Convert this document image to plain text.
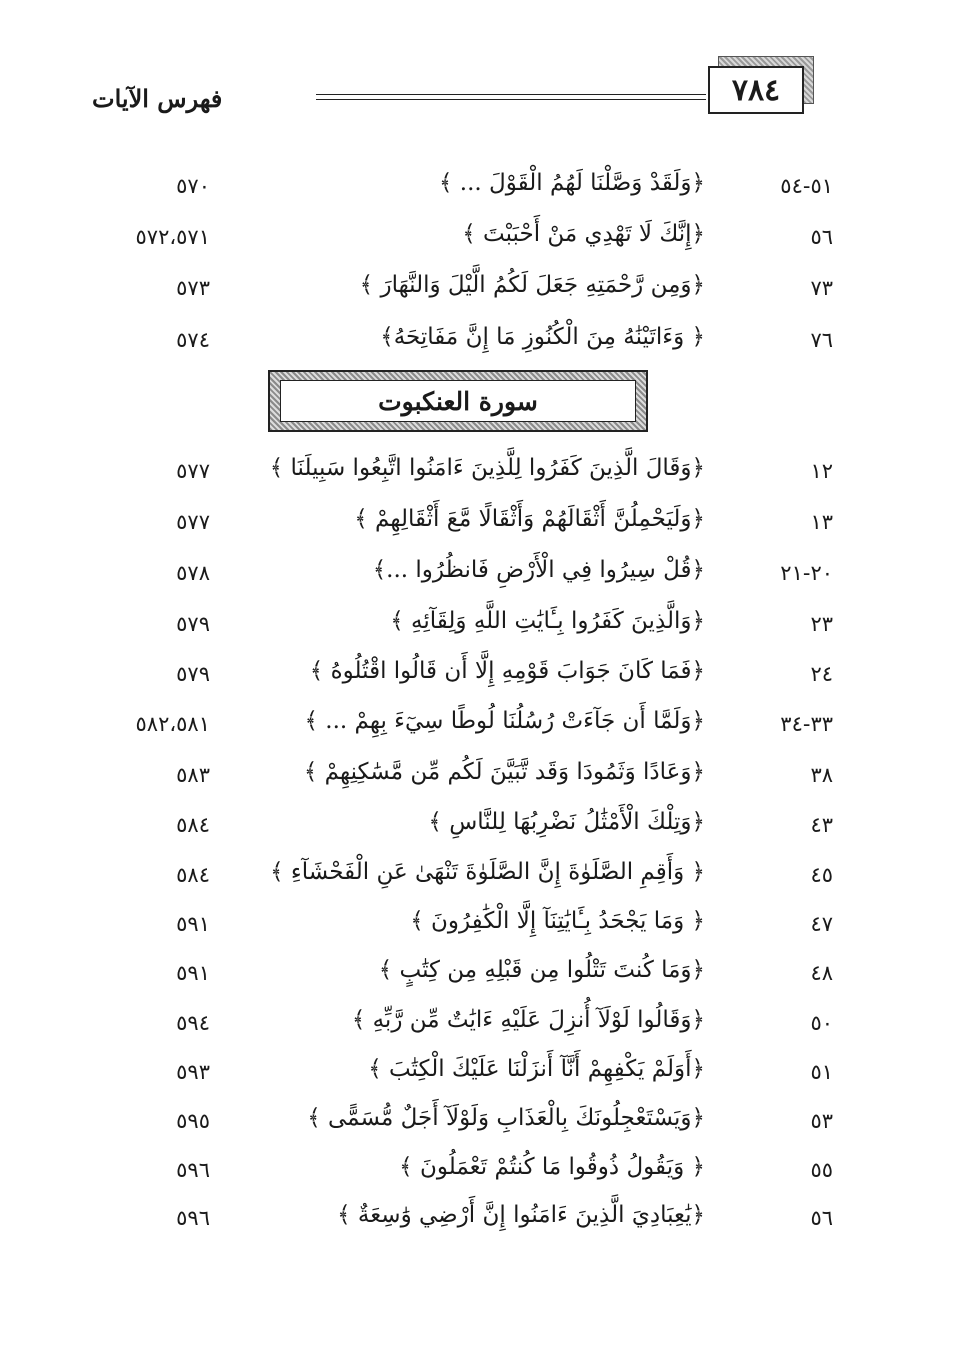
فهرس الآيات	٧٨٤
٥١-٥٤
﴿وَلَقَدْ وَصَّلْنَا لَهُمُ الْقَوْلَ ... ﴾
٥٧٠
٥٦
﴿إِنَّكَ لَا تَهْدِي مَنْ أَحْبَبْتَ ﴾
٥٧٢،٥٧١
٧٣
﴿وَمِن رَّحْمَتِهِ جَعَلَ لَكُمُ الَّيْلَ وَالنَّهَارَ ﴾
٥٧٣
٧٦
﴿ وَءَاتَيْنَٰهُ مِنَ الْكُنُوزِ مَا إِنَّ مَفَاتِحَهُ﴾
٥٧٤
سورة العنكبوت
١٢
﴿وَقَالَ الَّذِينَ كَفَرُوا لِلَّذِينَ ءَامَنُوا اتَّبِعُوا سَبِيلَنَا ﴾
٥٧٧
١٣
﴿وَلَيَحْمِلُنَّ أَثْقَالَهُمْ وَأَثْقَالًا مَّعَ أَثْقَالِهِمْ ﴾
٥٧٧
٢٠-٢١
﴿قُلْ سِيرُوا فِي الْأَرْضِ فَانظُرُوا ...﴾
٥٧٨
٢٣
﴿وَالَّذِينَ كَفَرُوا بِـَٔايَٰتِ اللَّهِ وَلِقَآئِهِ ﴾
٥٧٩
٢٤
﴿فَمَا كَانَ جَوَابَ قَوْمِهِ إِلَّا أَن قَالُوا اقْتُلُوهُ ﴾
٥٧٩
٣٣-٣٤
﴿وَلَمَّا أَن جَآءَتْ رُسُلُنَا لُوطًا سِيٓءَ بِهِمْ ... ﴾
٥٨٢،٥٨١
٣٨
﴿وَعَادًا وَثَمُودَا وَقَد تَّبَيَّنَ لَكُم مِّن مَّسَٰكِنِهِمْ ﴾
٥٨٣
٤٣
﴿وَتِلْكَ الْأَمْثَٰلُ نَضْرِبُهَا لِلنَّاسِ ﴾
٥٨٤
٤٥
﴿ وَأَقِمِ الصَّلَوٰةَ إِنَّ الصَّلَوٰةَ تَنْهَىٰ عَنِ الْفَحْشَآءِ ﴾
٥٨٤
٤٧
﴿ وَمَا يَجْحَدُ بِـَٔايَٰتِنَآ إِلَّا الْكَٰفِرُونَ ﴾
٥٩١
٤٨
﴿وَمَا كُنتَ تَتْلُوا مِن قَبْلِهِ مِن كِتَٰبٍ ﴾
٥٩١
٥٠
﴿وَقَالُوا لَوْلَآ أُنزِلَ عَلَيْهِ ءَايَٰتٌ مِّن رَّبِّهِ ﴾
٥٩٤
٥١
﴿أَوَلَمْ يَكْفِهِمْ أَنَّآ أَنزَلْنَا عَلَيْكَ الْكِتَٰبَ ﴾
٥٩٣
٥٣
﴿وَيَسْتَعْجِلُونَكَ بِالْعَذَابِ وَلَوْلَآ أَجَلٌ مُّسَمًّى ﴾
٥٩٥
٥٥
﴿ وَيَقُولُ ذُوقُوا مَا كُنتُمْ تَعْمَلُونَ ﴾
٥٩٦
٥٦
﴿يَٰعِبَادِيَ الَّذِينَ ءَامَنُوا إِنَّ أَرْضِي وَٰسِعَةٌ ﴾
٥٩٦
